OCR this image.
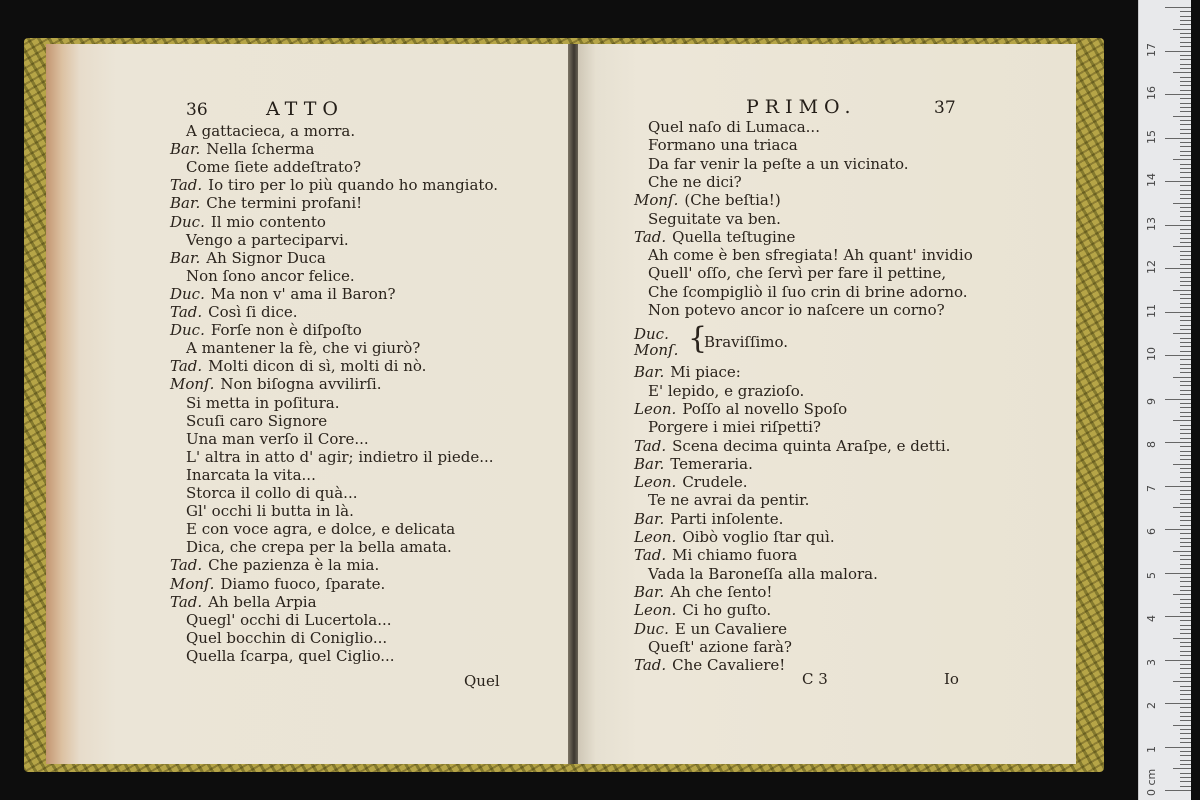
36	ATTO
A gattacieca, a morra.
Bar. Nella ſcherma
Come ſiete addeſtrato?
Tad. Io tiro per lo più quando ho mangiato.
Bar. Che termini profani!
Duc. Il mio contento
Vengo a parteciparvi.
Bar. Ah Signor Duca
Non ſono ancor felice.
Duc. Ma non v' ama il Baron?
Tad. Così ſi dice.
Duc. Forſe non è diſpoſto
A mantener la fè, che vi giurò?
Tad. Molti dicon di sì, molti di nò.
Monſ. Non biſogna avvilirſi.
Si metta in poſitura.
Scuſi caro Signore
Una man verſo il Core...
L' altra in atto d' agir; indietro il piede...
Inarcata la vita...
Storca il collo di quà...
Gl' occhi li butta in là.
E con voce agra, e dolce, e delicata
Dica, che crepa per la bella amata.
Tad. Che pazienza è la mia.
Monſ. Diamo fuoco, ſparate.
Tad. Ah bella Arpia
Quegl' occhi di Lucertola...
Quel bocchin di Coniglio...
Quella ſcarpa, quel Ciglio...
Quel
PRIMO.	37
Quel naſo di Lumaca...
Formano una triaca
Da far venir la peſte a un vicinato.
Che ne dici?
Monſ. (Che beſtia!)
Seguitate va ben.
Tad. Quella teſtugine
Ah come è ben sfregiata! Ah quant' invidio
Quell' oſſo, che ſervì per fare il pettine,
Che ſcompigliò il ſuo crin di brine adorno.
Non potevo ancor io naſcere un corno?
Duc.
Monſ. {
Braviſſimo.
Bar. Mi piace:
E' lepido, e grazioſo.
Leon. Poſſo al novello Spoſo
Porgere i miei riſpetti?
Tad. Scena decima quinta Araſpe, e detti.
Bar. Temeraria.
Leon. Crudele.
Te ne avrai da pentir.
Bar. Parti inſolente.
Leon. Oibò voglio ſtar quì.
Tad. Mi chiamo fuora
Vada la Baroneſſa alla malora.
Bar. Ah che ſento!
Leon. Ci ho guſto.
Duc. E un Cavaliere
Queſt' azione farà?
Tad. Che Cavaliere!
C 3	Io
0 cm
1
2
3
4
5
6
7
8
9
10
11
12
13
14
15
16
17
